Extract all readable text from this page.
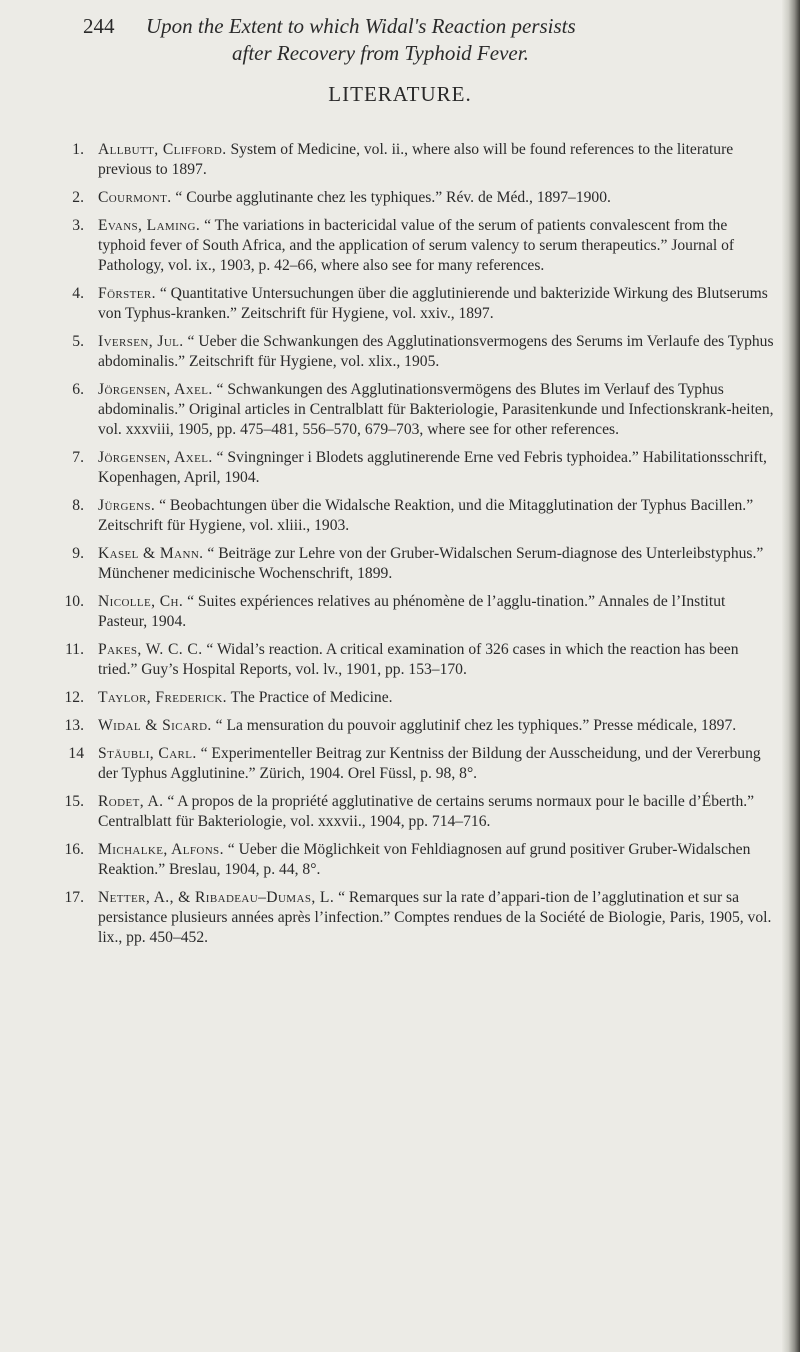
244 Upon the Extent to which Widal's Reaction persists
after Recovery from Typhoid Fever.
LITERATURE.
1. Allbutt, Clifford. System of Medicine, vol. ii., where also will be found references to the literature previous to 1897.
2. Courmont. “ Courbe agglutinante chez les typhiques.” Rév. de Méd., 1897–1900.
3. Evans, Laming. “ The variations in bactericidal value of the serum of patients convalescent from the typhoid fever of South Africa, and the application of serum valency to serum therapeutics.” Journal of Pathology, vol. ix., 1903, p. 42–66, where also see for many references.
4. Förster. “ Quantitative Untersuchungen über die agglutinierende und bakterizide Wirkung des Blutserums von Typhus-kranken.” Zeitschrift für Hygiene, vol. xxiv., 1897.
5. Iversen, Jul. “ Ueber die Schwankungen des Agglutinationsvermogens des Serums im Verlaufe des Typhus abdominalis.” Zeitschrift für Hygiene, vol. xlix., 1905.
6. Jörgensen, Axel. “ Schwankungen des Agglutinationsvermögens des Blutes im Verlauf des Typhus abdominalis.” Original articles in Centralblatt für Bakteriologie, Parasitenkunde und Infectionskrank-heiten, vol. xxxviii, 1905, pp. 475–481, 556–570, 679–703, where see for other references.
7. Jörgensen, Axel. “ Svingninger i Blodets agglutinerende Erne ved Febris typhoidea.” Habilitationsschrift, Kopenhagen, April, 1904.
8. Jürgens. “ Beobachtungen über die Widalsche Reaktion, und die Mitagglutination der Typhus Bacillen.” Zeitschrift für Hygiene, vol. xliii., 1903.
9. Kasel & Mann. “ Beiträge zur Lehre von der Gruber-Widalschen Serum-diagnose des Unterleibstyphus.” Münchener medicinische Wochenschrift, 1899.
10. Nicolle, Ch. “ Suites expériences relatives au phénomène de l’agglu-tination.” Annales de l’Institut Pasteur, 1904.
11. Pakes, W. C. C. “ Widal’s reaction. A critical examination of 326 cases in which the reaction has been tried.” Guy’s Hospital Reports, vol. lv., 1901, pp. 153–170.
12. Taylor, Frederick. The Practice of Medicine.
13. Widal & Sicard. “ La mensuration du pouvoir agglutinif chez les typhiques.” Presse médicale, 1897.
14 Stäubli, Carl. “ Experimenteller Beitrag zur Kentniss der Bildung der Ausscheidung, und der Vererbung der Typhus Agglutinine.” Zürich, 1904. Orel Füssl, p. 98, 8°.
15. Rodet, A. “ A propos de la propriété agglutinative de certains serums normaux pour le bacille d’Éberth.” Centralblatt für Bakteriologie, vol. xxxvii., 1904, pp. 714–716.
16. Michalke, Alfons. “ Ueber die Möglichkeit von Fehldiagnosen auf grund positiver Gruber-Widalschen Reaktion.” Breslau, 1904, p. 44, 8°.
17. Netter, A., & Ribadeau–Dumas, L. “ Remarques sur la rate d’appari-tion de l’agglutination et sur sa persistance plusieurs années après l’infection.” Comptes rendues de la Société de Biologie, Paris, 1905, vol. lix., pp. 450–452.
